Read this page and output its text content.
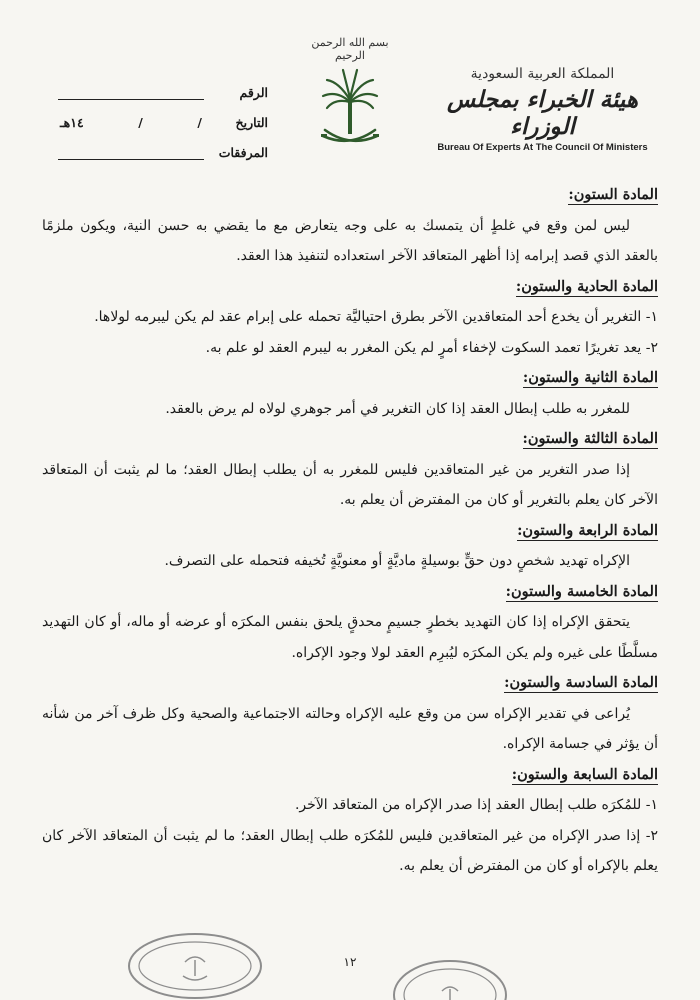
المملكة العربية السعودية
هيئة الخبراء بمجلس الوزراء
Bureau Of Experts At The Council Of Ministers
بسم الله الرحمن الرحيم
الرقم
التاريخ
/
/
١٤هـ
المرفقات

المادة الستون:

ليس لمن وقع في غلطٍ أن يتمسك به على وجه يتعارض مع ما يقضي به حسن النية، ويكون ملزمًا بالعقد الذي قصد إبرامه إذا أظهر المتعاقد الآخر استعداده لتنفيذ هذا العقد.

المادة الحادية والستون:

١- التغرير أن يخدع أحد المتعاقدين الآخر بطرق احتياليَّة تحمله على إبرام عقد لم يكن ليبرمه لولاها.

٢- يعد تغريرًا تعمد السكوت لإخفاء أمرٍ لم يكن المغرر به ليبرم العقد لو علم به.

المادة الثانية والستون:

للمغرر به طلب إبطال العقد إذا كان التغرير في أمر جوهري لولاه لم يرض بالعقد.

المادة الثالثة والستون:

إذا صدر التغرير من غير المتعاقدين فليس للمغرر به أن يطلب إبطال العقد؛ ما لم يثبت أن المتعاقد الآخر كان يعلم بالتغرير أو كان من المفترض أن يعلم به.

المادة الرابعة والستون:

الإكراه تهديد شخصٍ دون حقٍّ بوسيلةٍ ماديَّةٍ أو معنويَّةٍ تُخيفه فتحمله على التصرف.

المادة الخامسة والستون:

يتحقق الإكراه إذا كان التهديد بخطرٍ جسيمٍ محدقٍ يلحق بنفس المكرَه أو عرضه أو ماله، أو كان التهديد مسلَّطًا على غيره ولم يكن المكرَه ليُبرِم العقد لولا وجود الإكراه.

المادة السادسة والستون:

يُراعى في تقدير الإكراه سن من وقع عليه الإكراه وحالته الاجتماعية والصحية وكل ظرف آخر من شأنه أن يؤثر في جسامة الإكراه.

المادة السابعة والستون:

١- للمُكرَه طلب إبطال العقد إذا صدر الإكراه من المتعاقد الآخر.

٢- إذا صدر الإكراه من غير المتعاقدين فليس للمُكرَه طلب إبطال العقد؛ ما لم يثبت أن المتعاقد الآخر كان يعلم بالإكراه أو كان من المفترض أن يعلم به.

١٢
